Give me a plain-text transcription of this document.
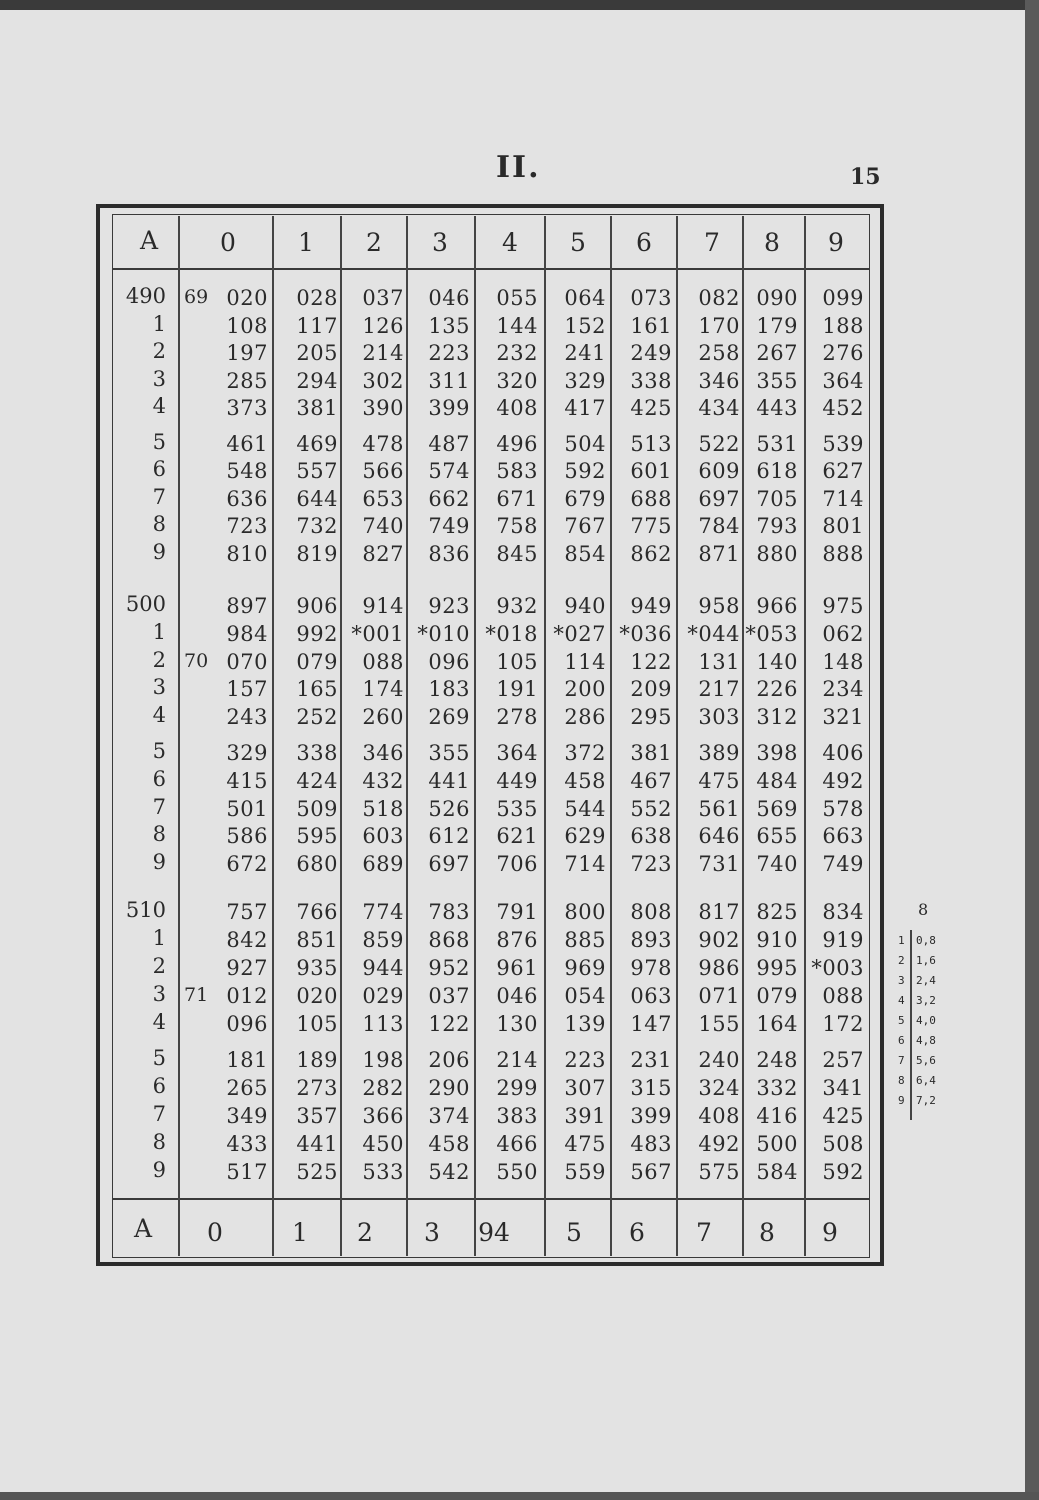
II.	15
8
A	0	1	2	3	4	5	6	7	8	9
A	0	1	2	3	94	5	6	7	8	9
490	020	028	037	046	055	064	073	082 090	099
1	108	117	126	135	144	152	161	170 179	188
2	197	205	214	223	232	241	249	258 267	276
3	285	294	302	311	320	329	338	346 355	364
4	373	381	390	399	408	417	425	434 443	452
5	461	469	478	487	496	504	513	522 531	539
6	548	557	566	574	583	592	601	609 618	627
7	636	644	653	662	671	679	688	697 705	714
8	723	732	740	749	758	767	775	784 793	801
9	810	819	827	836	845	854	862	871 880	888
69
500	897	906	914	923	932	940	949	958 966	975
1	984	992 *001 *010 *018 *027 *036 *044 *053	062
2	070	079	088	096	105	114	122	131 140	148
3	157	165	174	183	191	200	209	217 226	234
4	243	252	260	269	278	286	295	303 312	321
5	329	338	346	355	364	372	381	389 398	406
6	415	424	432	441	449	458	467	475 484	492
7	501	509	518	526	535	544	552	561 569	578
8	586	595	603	612	621	629	638	646 655	663
9	672	680	689	697	706	714	723	731 740	749
70
510	757	766	774	783	791	800	808	817 825	834
1	842	851	859	868	876	885	893	902 910	919
2	927	935	944	952	961	969	978	986 995 *003
3	012	020	029	037	046	054	063	071 079	088
4	096	105	113	122	130	139	147	155 164	172
5	181	189	198	206	214	223	231	240 248	257
6	265	273	282	290	299	307	315	324 332	341
7	349	357	366	374	383	391	399	408 416	425
8	433	441	450	458	466	475	483	492 500	508
9	517	525	533	542	550	559	567	575 584	592
71
1 0,8
2 1,6
3 2,4
4 3,2
5 4,0
6 4,8
7 5,6
8 6,4
9 7,2
